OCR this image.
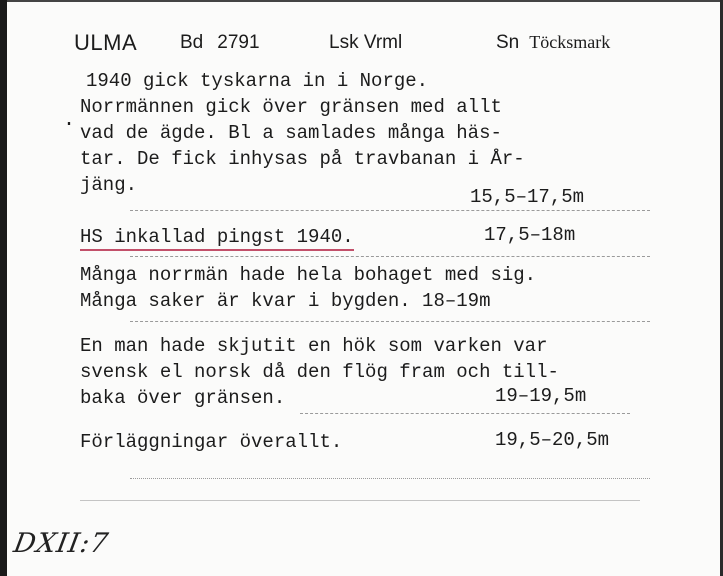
ULMA Bd 2791	Lsk Vrml	Sn Töcksmark
·
1940 gick tyskarna in i Norge.
Norrmännen gick över gränsen med allt
vad de ägde. Bl a samlades många häs-
tar. De fick inhysas på travbanan i År-
jäng.
15,5–17,5m
HS inkallad pingst 1940.	17,5–18m
Många norrmän hade hela bohaget med sig.
Många saker är kvar i bygden. 18–19m
En man hade skjutit en hök som varken var
svensk el norsk då den flög fram och till-
baka över gränsen.	19–19,5m
Förläggningar överallt.	19,5–20,5m
DXII:7
